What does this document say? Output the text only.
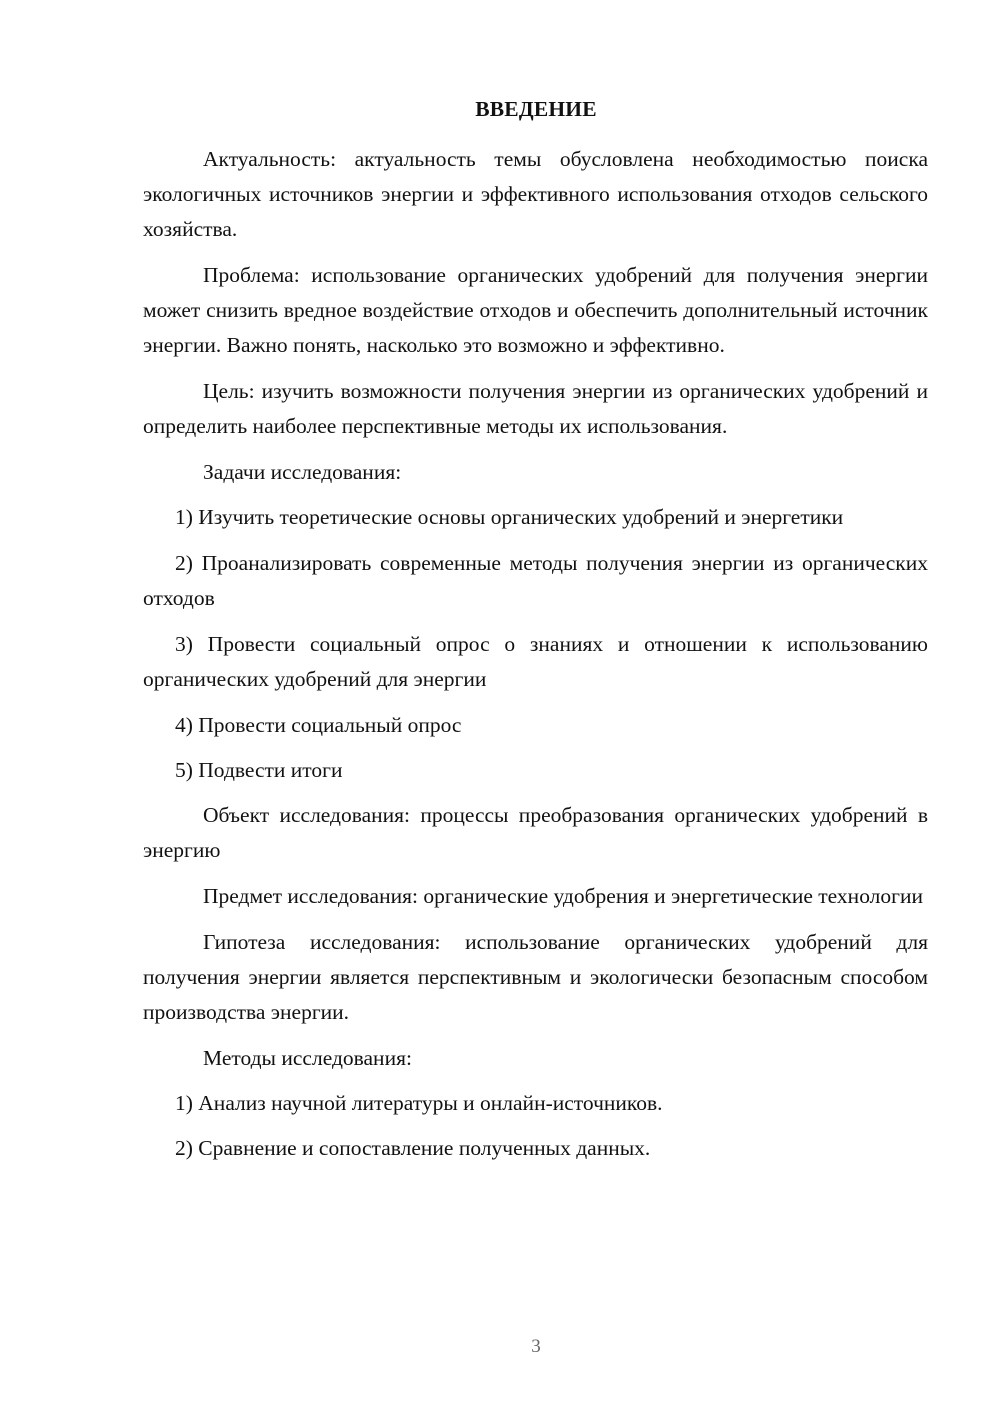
ВВЕДЕНИЕ

Актуальность: актуальность темы обусловлена необходимостью поиска экологичных источников энергии и эффективного использования отходов сельского хозяйства.

Проблема: использование органических удобрений для получения энергии может снизить вредное воздействие отходов и обеспечить дополнительный источник энергии. Важно понять, насколько это возможно и эффективно.

Цель: изучить возможности получения энергии из органических удобрений и определить наиболее перспективные методы их использования.

Задачи исследования:

1) Изучить теоретические основы органических удобрений и энергетики

2) Проанализировать современные методы получения энергии из органических отходов

3) Провести социальный опрос о знаниях и отношении к использованию органических удобрений для энергии

4) Провести социальный опрос

5) Подвести итоги

Объект исследования: процессы преобразования органических удобрений в энергию

Предмет исследования: органические удобрения и энергетические технологии

Гипотеза исследования: использование органических удобрений для получения энергии является перспективным и экологически безопасным способом производства энергии.

Методы исследования:

1) Анализ научной литературы и онлайн-источников.

2) Сравнение и сопоставление полученных данных.

3
